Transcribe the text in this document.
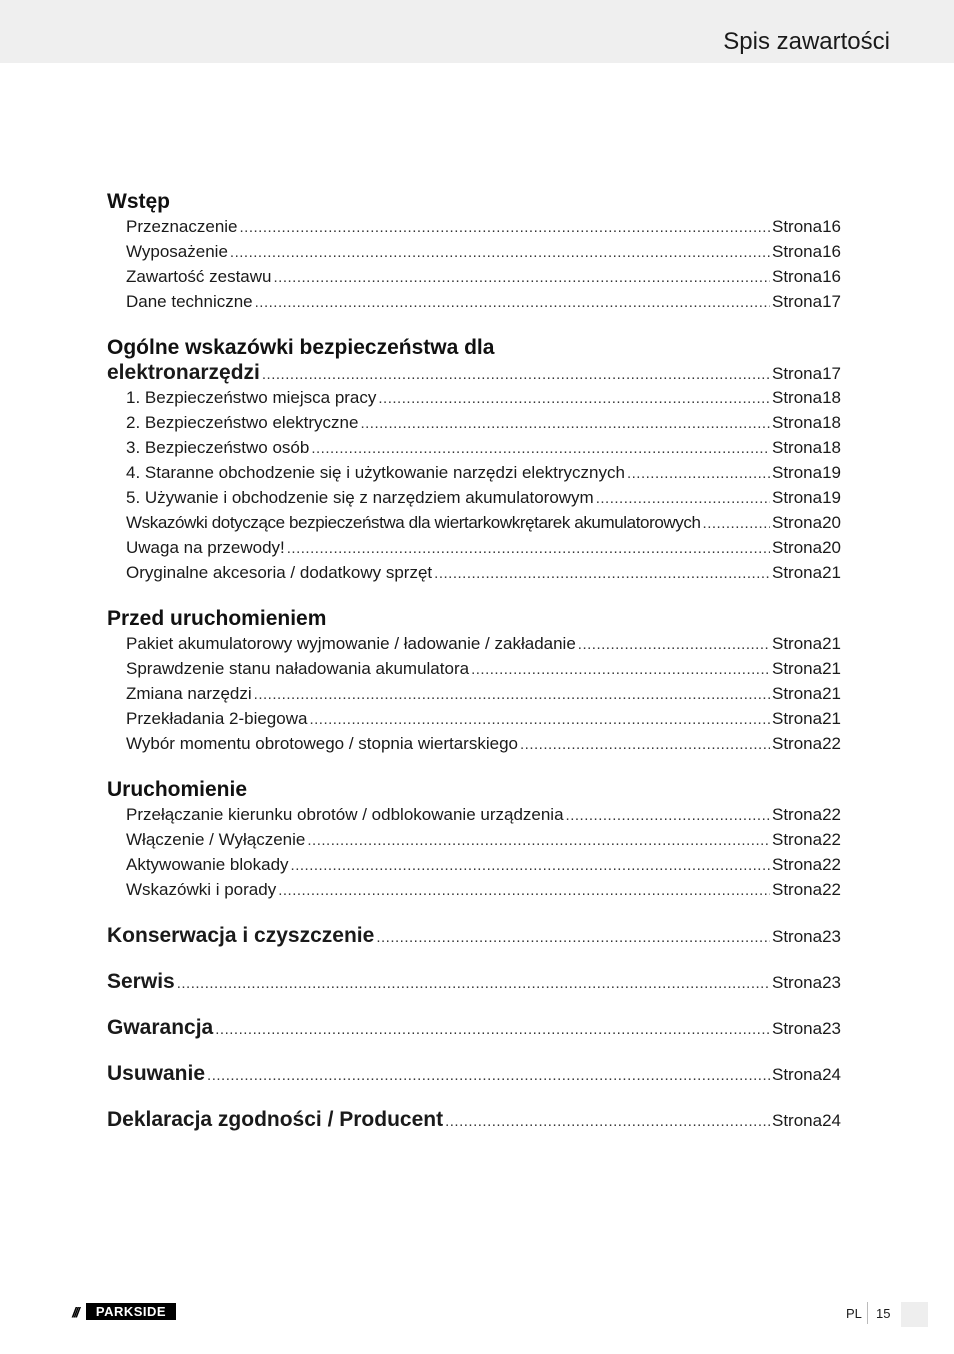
Spis zawartości
Wstęp
Przeznaczenie .....	Strona 16
Wyposażenie .....	Strona 16
Zawartość zestawu .....	Strona 16
Dane techniczne .....	Strona 17
Ogólne wskazówki bezpieczeństwa dla
elektronarzędzi .....	Strona 17
1. Bezpieczeństwo miejsca pracy .....	Strona 18
2. Bezpieczeństwo elektryczne .....	Strona 18
3. Bezpieczeństwo osób .....	Strona 18
4. Staranne obchodzenie się i użytkowanie narzędzi elektrycznych .....	Strona 19
5. Używanie i obchodzenie się z narzędziem akumulatorowym .....	Strona 19
Wskazówki dotyczące bezpieczeństwa dla wiertarkowkrętarek akumulatorowych .....	Strona 20
Uwaga na przewody! .....	Strona 20
Oryginalne akcesoria / dodatkowy sprzęt .....	Strona 21
Przed uruchomieniem
Pakiet akumulatorowy wyjmowanie / ładowanie / zakładanie .....	Strona 21
Sprawdzenie stanu naładowania akumulatora .....	Strona 21
Zmiana narzędzi .....	Strona 21
Przekładania 2-biegowa .....	Strona 21
Wybór momentu obrotowego / stopnia wiertarskiego .....	Strona 22
Uruchomienie
Przełączanie kierunku obrotów / odblokowanie urządzenia .....	Strona 22
Włączenie / Wyłączenie .....	Strona 22
Aktywowanie blokady .....	Strona 22
Wskazówki i porady .....	Strona 22
Konserwacja i czyszczenie .....	Strona 23
Serwis .....	Strona 23
Gwarancja .....	Strona 23
Usuwanie .....	Strona 24
Deklaracja zgodności / Producent .....	Strona 24
///	PARKSIDE	PL 15
